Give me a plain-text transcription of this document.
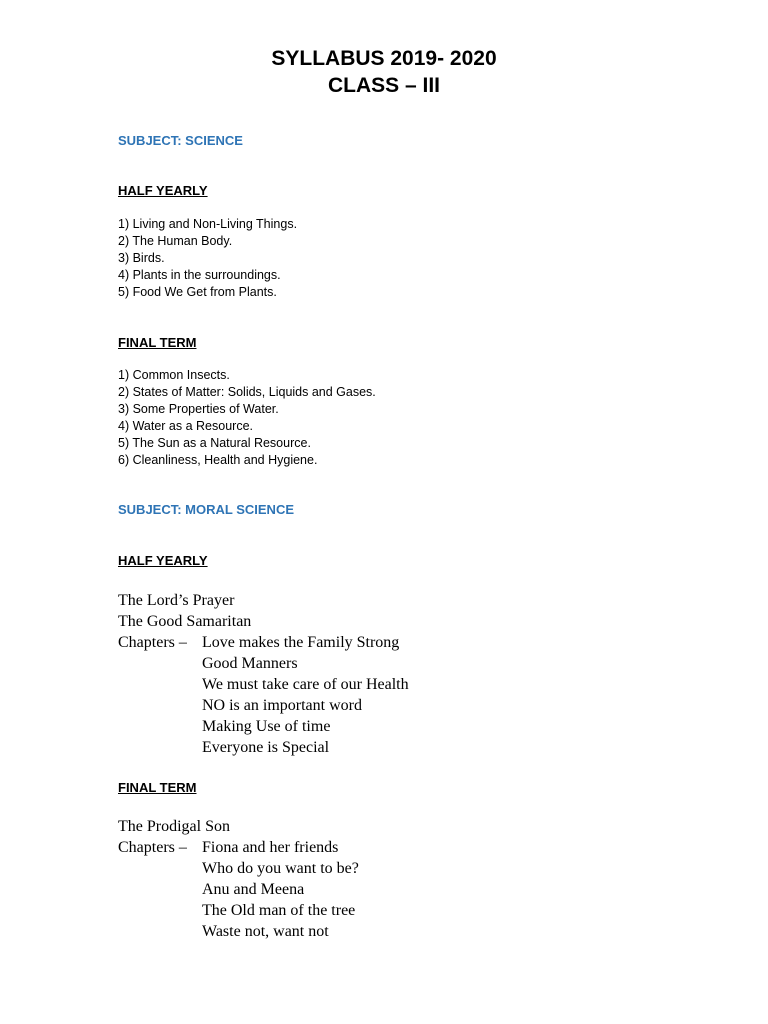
SYLLABUS 2019- 2020
CLASS – III
SUBJECT: SCIENCE
HALF YEARLY
1) Living and Non-Living Things.
2) The Human Body.
3) Birds.
4) Plants in the surroundings.
5) Food We Get from Plants.
FINAL TERM
1) Common Insects.
2) States of Matter: Solids, Liquids and Gases.
3) Some Properties of Water.
4) Water as a Resource.
5) The Sun as a Natural Resource.
6) Cleanliness, Health and Hygiene.
SUBJECT: MORAL SCIENCE
HALF YEARLY
The Lord’s Prayer
The Good Samaritan
Chapters – Love makes the Family Strong
Good Manners
We must take care of our Health
NO is an important word
Making Use of time
Everyone is Special
FINAL TERM
The Prodigal Son
Chapters – Fiona and her friends
Who do you want to be?
Anu and Meena
The Old man of the tree
Waste not, want not
